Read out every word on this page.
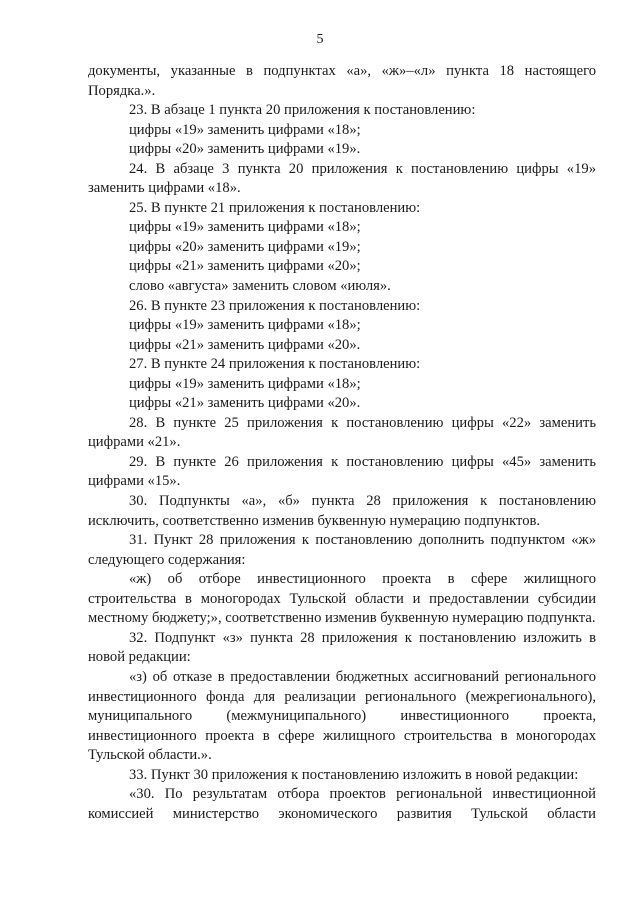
5

документы, указанные в подпунктах «а», «ж»–«л» пункта 18 настоящего Порядка.».

23. В абзаце 1 пункта 20 приложения к постановлению:

цифры «19» заменить цифрами «18»;

цифры «20» заменить цифрами «19».

24. В абзаце 3 пункта 20 приложения к постановлению цифры «19» заменить цифрами «18».

25. В пункте 21 приложения к постановлению:

цифры «19» заменить цифрами «18»;

цифры «20» заменить цифрами «19»;

цифры «21» заменить цифрами «20»;

слово «августа» заменить словом «июля».

26. В пункте 23 приложения к постановлению:

цифры «19» заменить цифрами «18»;

цифры «21» заменить цифрами «20».

27. В пункте 24 приложения к постановлению:

цифры «19» заменить цифрами «18»;

цифры «21» заменить цифрами «20».

28. В пункте 25 приложения к постановлению цифры «22» заменить цифрами «21».

29. В пункте 26 приложения к постановлению цифры «45» заменить цифрами «15».

30. Подпункты «а», «б» пункта 28 приложения к постановлению исключить, соответственно изменив буквенную нумерацию подпунктов.

31. Пункт 28 приложения к постановлению дополнить подпунктом «ж» следующего содержания:

«ж) об отборе инвестиционного проекта в сфере жилищного строительства в моногородах Тульской области и предоставлении субсидии местному бюджету;», соответственно изменив буквенную нумерацию подпункта.

32. Подпункт «з» пункта 28 приложения к постановлению изложить в новой редакции:

«з) об отказе в предоставлении бюджетных ассигнований регионального инвестиционного фонда для реализации регионального (межрегионального), муниципального (межмуниципального) инвестиционного проекта, инвестиционного проекта в сфере жилищного строительства в моногородах Тульской области.».

33. Пункт 30 приложения к постановлению изложить в новой редакции:

«30. По результатам отбора проектов региональной инвестиционной комиссией министерство экономического развития Тульской области
